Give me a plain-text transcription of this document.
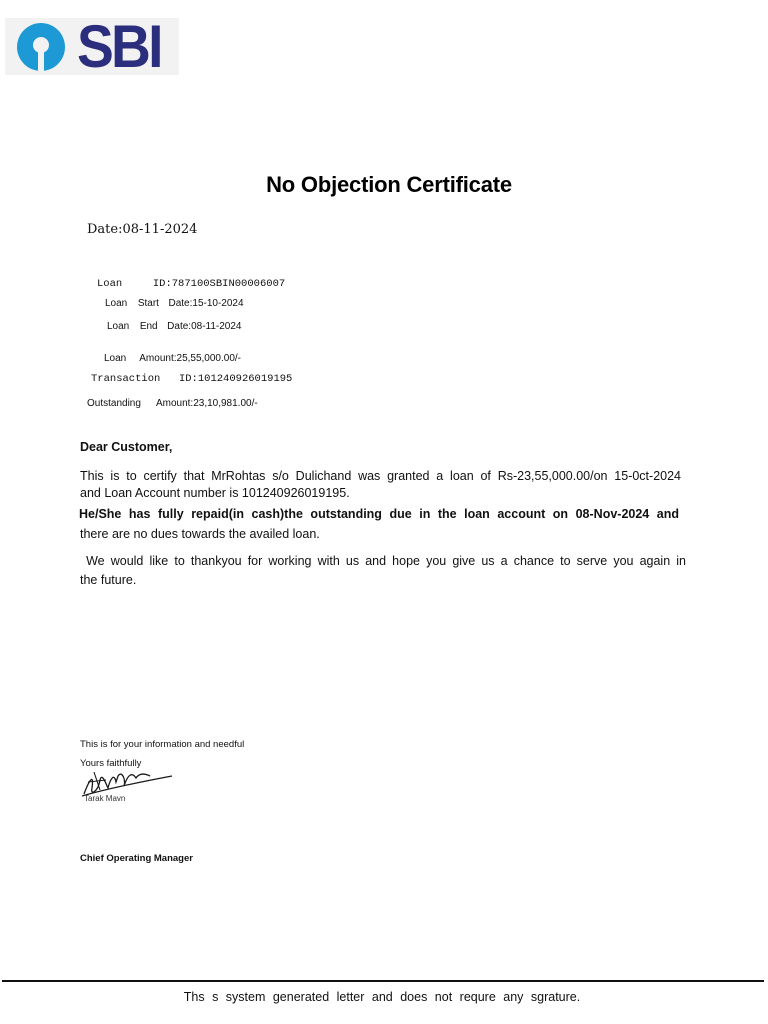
SBI
No Objection Certificate
Date:08-11-2024
Loan	ID:787100SBIN00006007
Loan Start Date:15-10-2024
Loan End Date:08-11-2024
Loan Amount:25,55,000.00/-
Transaction ID:101240926019195
Outstanding Amount:23,10,981.00/-
Dear Customer,
This is to certify that MrRohtas s/o Dulichand was granted a loan of Rs-23,55,000.00/on 15-0ct-2024
and Loan Account number is 101240926019195.
He/She has fully repaid(in cash)the outstanding due in the loan account on 08-Nov-2024 and
there are no dues towards the availed loan.
We would like to thankyou for working with us and hope you give us a chance to serve you again in
the future.
This is for your information and needful
Yours faithfully
Tarak Mavn
Chief Operating Manager
Ths s system generated letter and does not requre any sgrature.
